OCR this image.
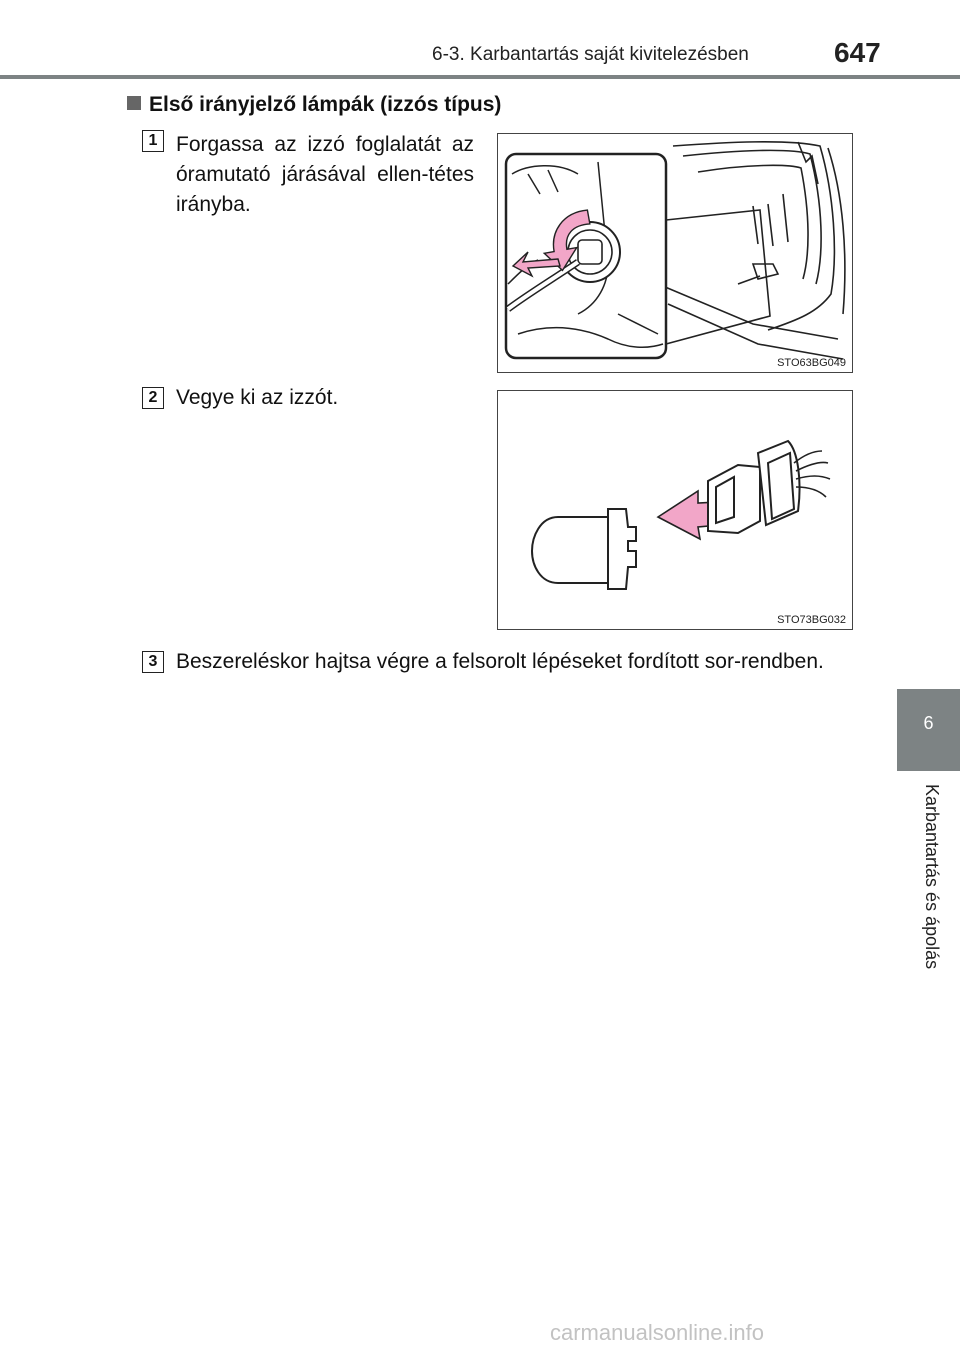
6-3. Karbantartás saját kivitelezésben	647
6
Karbantartás és ápolás
Első irányjelző lámpák (izzós típus)
1 Forgassa az izzó foglalatát az óramutató járásával ellen-tétes irányba.
STO63BG049
2 Vegye ki az izzót.
STO73BG032
3 Beszereléskor hajtsa végre a felsorolt lépéseket fordított sor-rendben.
carmanualsonline.info
